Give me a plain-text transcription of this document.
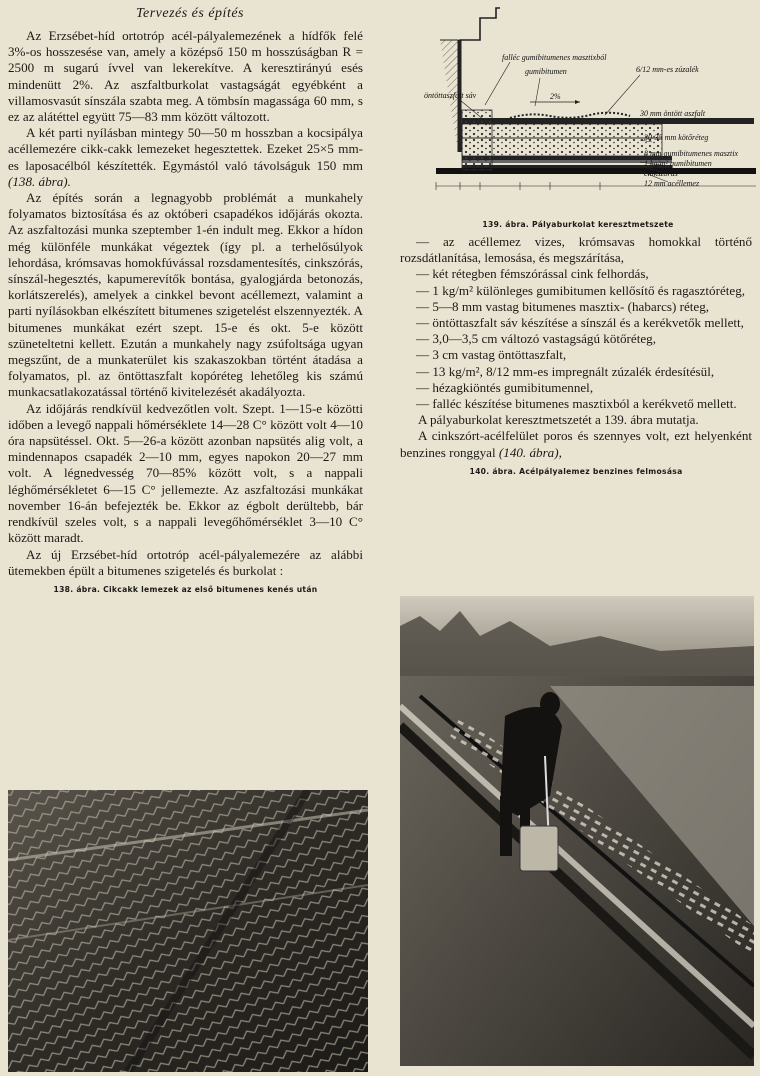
Tervezés és építés

Az Erzsébet-híd ortotróp acél-pályalemezének a hídfők felé 3%-os hosszesése van, amely a középső 150 m hosszúságban R = 2500 m sugarú ívvel van lekerekítve. A keresztirányú esés mindenütt 2%. Az aszfaltburkolat vastagságát egyébként a villamosvasút sínszála szabta meg. A tömbsín magassága 60 mm, s ez az alátéttel együtt 75—83 mm között változott.

A két parti nyílásban mintegy 50—50 m hosszban a kocsipálya acéllemezére cikk-cakk lemezeket hegesztettek. Ezeket 25×5 mm-es laposacélból készítették. Egymástól való távolságuk 150 mm (138. ábra).

Az építés során a legnagyobb problémát a munkahely folyamatos biztosítása és az októberi csapadékos időjárás okozta. Az aszfaltozási munka szeptember 1-én indult meg. Ekkor a hídon még különféle munkákat végeztek (így pl. a terhelősúlyok lehordása, krómsavas homokfúvással rozsdamentesítés, cinkszórás, sínszál-hegesztés, kapumerevítők bontása, gyalogjárda betonozás, korlátszerelés), amelyek a cinkkel bevont acéllemezt, valamint a parti nyílásokban elkészített bitumenes szigetelést elszennyezték. A bitumenes munkákat ezért szept. 15-e és okt. 5-e között szüneteltetni kellett. Ezután a munkahely nagy zsúfoltsága ugyan megszűnt, de a munkaterület kis szakaszokban történt átadása a folyamatos, pl. az öntöttaszfalt kopóréteg lehetőleg kis számú munkacsatlakozatással történő kivitelezését akadályozta.

Az időjárás rendkívül kedvezőtlen volt. Szept. 1—15-e közötti időben a levegő nappali hőmérséklete 14—28 C° között volt 4—10 óra napsütéssel. Okt. 5—26-a között azonban napsütés alig volt, a mindennapos csapadék 2—10 mm, egyes napokon 20—27 mm volt. A légnedvesség 70—85% között volt, s a nappali léghőmérsékletet 6—15 C° jellemezte. Az aszfaltozási munkákat november 16-án befejezték be. Ekkor az égbolt derültebb, bár rendkívül szeles volt, s a nappali levegőhőmérséklet 3—10 C° között maradt.

Az új Erzsébet-híd ortotróp acél-pályalemezére az alábbi ütemekben épült a bitumenes szigetelés és burkolat :

138. ábra. Cikcakk lemezek az első bitumenes kenés után
falléc gumibitumenes masztixból
gumibitumen
2%
öntöttaszfalt sáv
6/12 mm-es zúzalék
30 mm öntött aszfalt
30-35 mm kötőréteg
8 mm gumibitumenes masztix
1 kg/m² gumibitumen
cinkszórás
12 mm acéllemez
139. ábra. Pályaburkolat keresztmetszete

— az acéllemez vizes, krómsavas homokkal történő rozsdátlanítása, lemosása, és megszárítása,

— két rétegben fémszórással cink felhordás,

— 1 kg/m² különleges gumibitumen kellősítő és ragasztóréteg,

— 5—8 mm vastag bitumenes masztix- (habarcs) réteg,

— öntöttaszfalt sáv készítése a sínszál és a kerékvetők mellett,

— 3,0—3,5 cm változó vastagságú kötőréteg,

— 3 cm vastag öntöttaszfalt,

— 13 kg/m², 8/12 mm-es impregnált zúzalék érdesítésül,

— hézagkiöntés gumibitumennel,

— falléc készítése bitumenes masztixból a kerékvető mellett.

A pályaburkolat keresztmetszetét a 139. ábra mutatja.

A cinkszórt-acélfelület poros és szennyes volt, ezt helyenként benzines ronggyal (140. ábra),

140. ábra. Acélpályalemez benzines felmosása
